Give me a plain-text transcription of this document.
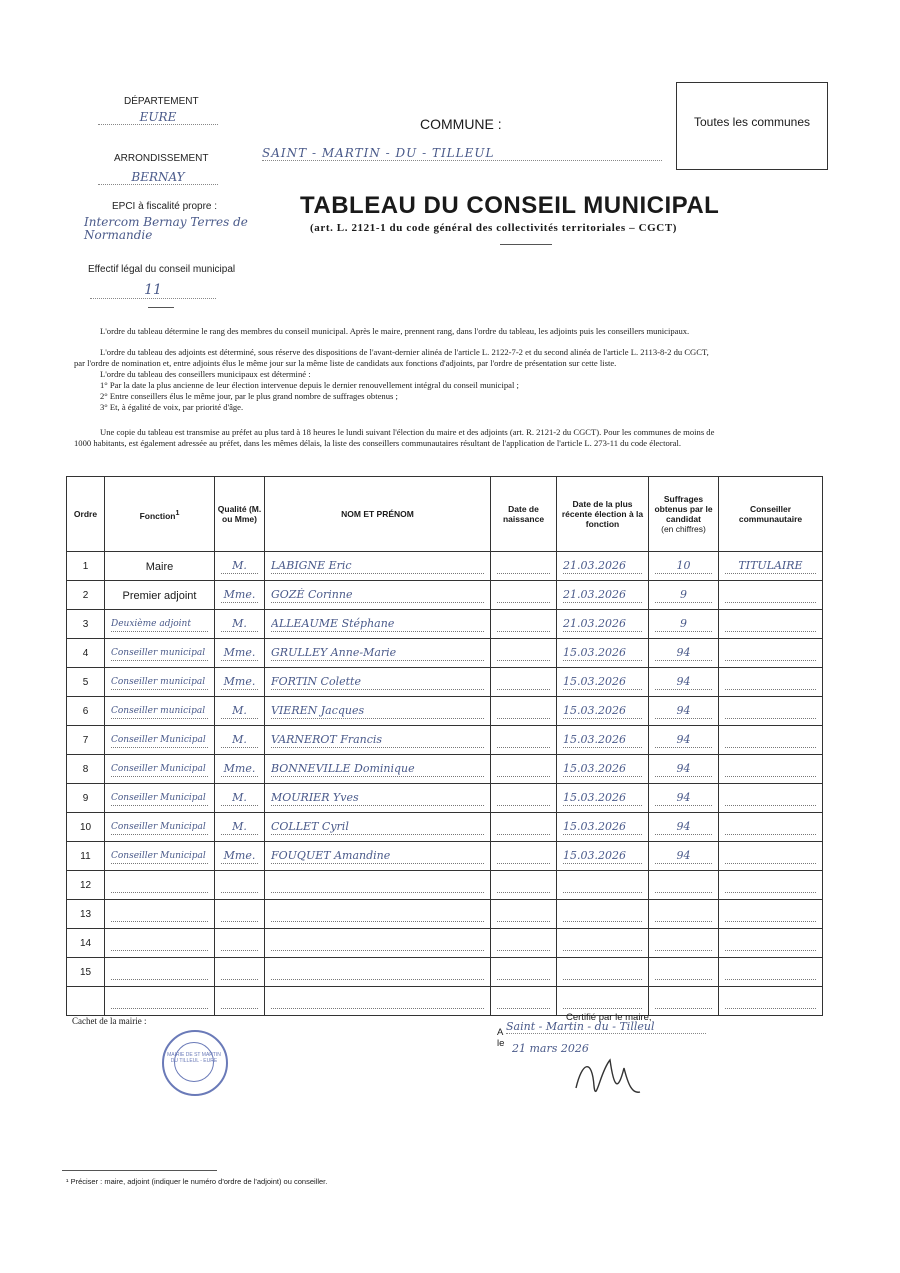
DÉPARTEMENT
EURE
ARRONDISSEMENT
BERNAY
EPCI à fiscalité propre :
Intercom Bernay Terres de Normandie
Effectif légal du conseil municipal
11
COMMUNE :
SAINT - MARTIN - DU - TILLEUL
Toutes les communes
TABLEAU DU CONSEIL MUNICIPAL
(art. L. 2121-1 du code général des collectivités territoriales – CGCT)

L'ordre du tableau détermine le rang des membres du conseil municipal. Après le maire, prennent rang, dans l'ordre du tableau, les adjoints puis les conseillers municipaux.

L'ordre du tableau des adjoints est déterminé, sous réserve des dispositions de l'avant-dernier alinéa de l'article L. 2122-7-2 et du second alinéa de l'article L. 2113-8-2 du CGCT,

par l'ordre de nomination et, entre adjoints élus le même jour sur la même liste de candidats aux fonctions d'adjoints, par l'ordre de présentation sur cette liste.

L'ordre du tableau des conseillers municipaux est déterminé :

1° Par la date la plus ancienne de leur élection intervenue depuis le dernier renouvellement intégral du conseil municipal ;

2° Entre conseillers élus le même jour, par le plus grand nombre de suffrages obtenus ;

3° Et, à égalité de voix, par priorité d'âge.

Une copie du tableau est transmise au préfet au plus tard à 18 heures le lundi suivant l'élection du maire et des adjoints (art. R. 2121-2 du CGCT). Pour les communes de moins de

1000 habitants, est également adressée au préfet, dans les mêmes délais, la liste des conseillers communautaires résultant de l'application de l'article L. 273-11 du code électoral.

Ordre	Fonction$^1$	Qualité (M. ou Mme)	NOM ET PRÉNOM	Date de naissance	Date de la plus récente élection à la fonction	Suffrages obtenus par le candidat
(en chiffres)	Conseiller communautaire
1	Maire	M.	LABIGNE Eric		21.03.2026	10	TITULAIRE

2	Premier adjoint	Mme.	GOZÉ Corinne		21.03.2026	9	

3	Deuxième adjoint	M.	ALLEAUME Stéphane		21.03.2026	9	

4	Conseiller municipal	Mme.	GRULLEY Anne-Marie		15.03.2026	94	

5	Conseiller municipal	Mme.	FORTIN Colette		15.03.2026	94	

6	Conseiller municipal	M.	VIEREN Jacques		15.03.2026	94	

7	Conseiller Municipal	M.	VARNEROT Francis		15.03.2026	94	

8	Conseiller Municipal	Mme.	BONNEVILLE Dominique		15.03.2026	94	

9	Conseiller Municipal	M.	MOURIER Yves		15.03.2026	94	

10	Conseiller Municipal	M.	COLLET Cyril		15.03.2026	94	

11	Conseiller Municipal	Mme.	FOUQUET Amandine		15.03.2026	94	

12	

13	

14	

15	

Cachet de la mairie :
MAIRIE DE ST MARTIN DU TILLEUL - EURE
Certifié par le maire,
A Saint - Martin - du - Tilleul
le 21 mars 2026
¹ Préciser : maire, adjoint (indiquer le numéro d'ordre de l'adjoint) ou conseiller.
